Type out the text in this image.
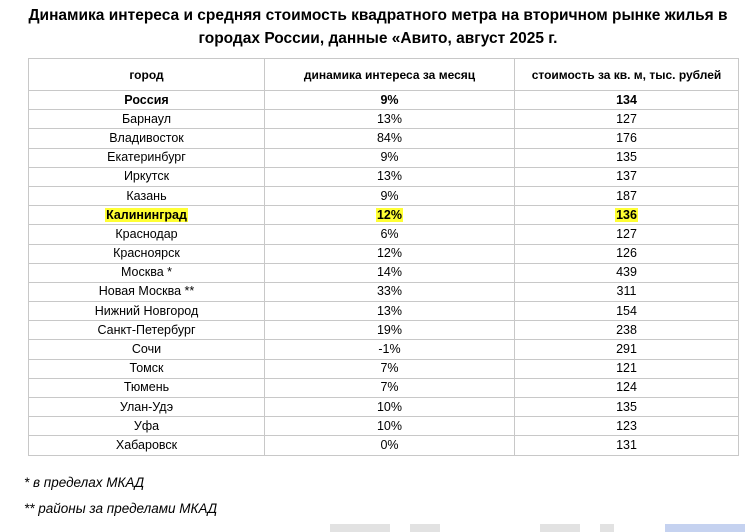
Динамика интереса и средняя стоимость квадратного метра на вторичном рынке жилья в городах России, данные «Авито, август 2025 г.
город	динамика интереса за месяц	стоимость за кв. м, тыс. рублей
Россия	9%	134
Барнаул	13%	127
Владивосток	84%	176
Екатеринбург	9%	135
Иркутск	13%	137
Казань	9%	187
Калининград	12%	136
Краснодар	6%	127
Красноярск	12%	126
Москва *	14%	439
Новая Москва **	33%	311
Нижний Новгород	13%	154
Санкт-Петербург	19%	238
Сочи	-1%	291
Томск	7%	121
Тюмень	7%	124
Улан-Удэ	10%	135
Уфа	10%	123
Хабаровск	0%	131

* в пределах МКАД

** районы за пределами МКАД
